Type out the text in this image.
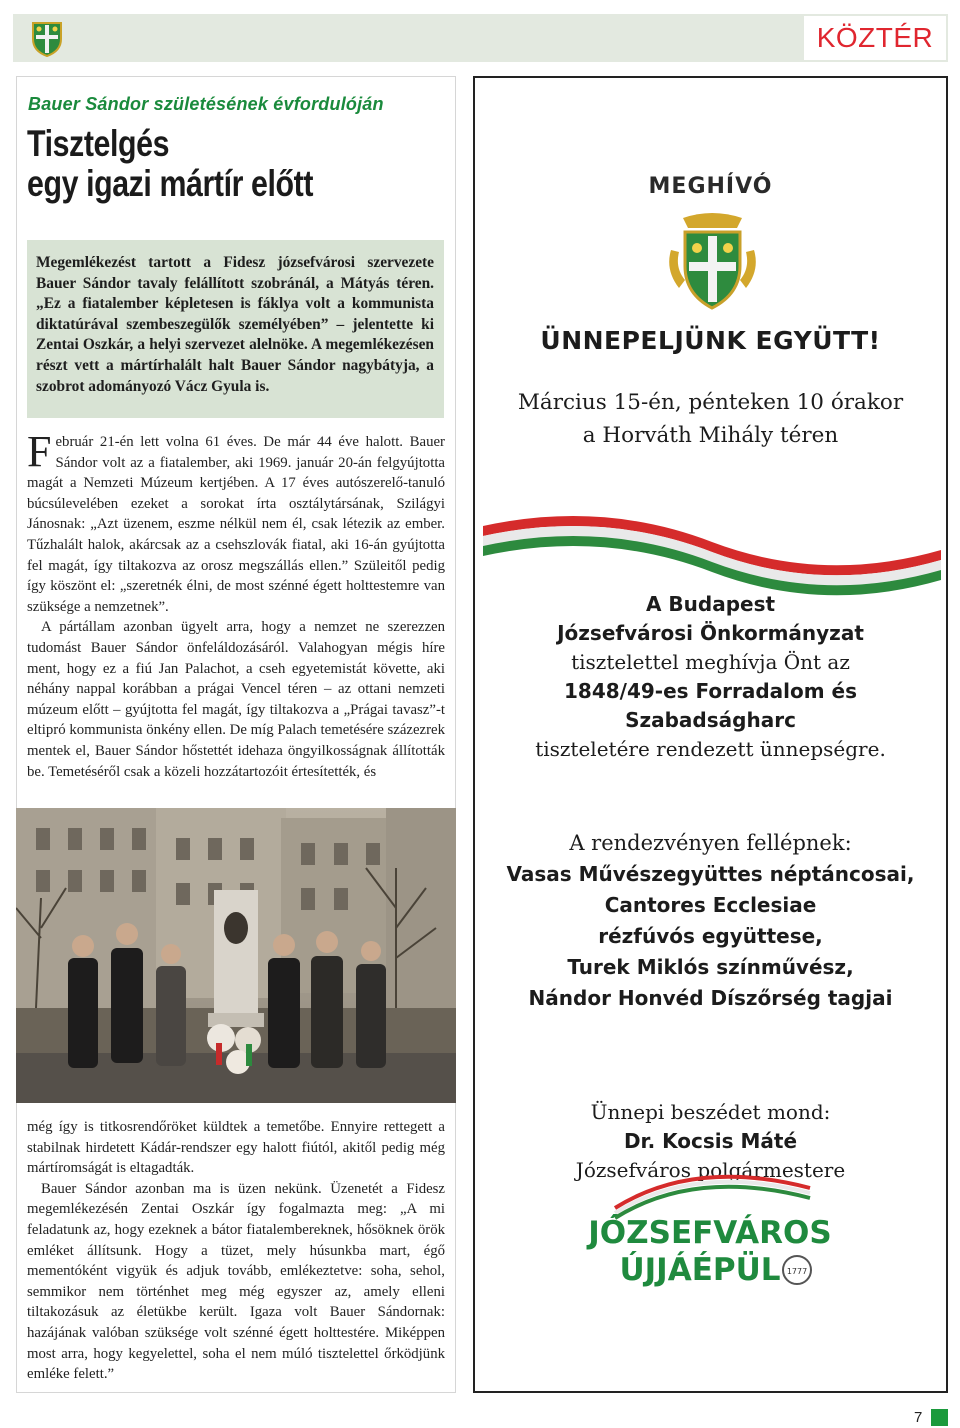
KÖZTÉR
Bauer Sándor születésének évfordulóján
Tisztelgés
egy igazi mártír előtt

Megemlékezést tartott a Fidesz józsefvárosi szervezete Bauer Sándor tavaly felállított szobránál, a Mátyás téren. „Ez a fiatalember képletesen is fáklya volt a kommunista diktatúrával szembeszegülők személyében” – jelentette ki Zentai Oszkár, a helyi szervezet alelnöke. A megemlékezésen részt vett a mártírhalált halt Bauer Sándor nagybátyja, a szobrot adományozó Vácz Gyula is.

Február 21-én lett volna 61 éves. De már 44 éve halott. Bauer Sándor volt az a fiatalember, aki 1969. január 20-án felgyújtotta magát a Nemzeti Múzeum kertjében. A 17 éves autószerelő-tanuló búcsúlevelében ezeket a sorokat írta osztálytársának, Szilágyi Jánosnak: „Azt üzenem, eszme nélkül nem él, csak létezik az ember. Tűzhalált halok, akárcsak az a csehszlovák fiatal, aki 16-án gyújtotta fel magát, így tiltakozva az orosz megszállás ellen.” Szüleitől pedig így köszönt el: „szeretnék élni, de most szénné égett holttestemre van szüksége a nemzetnek”.

A pártállam azonban ügyelt arra, hogy a nemzet ne szerezzen tudomást Bauer Sándor önfeláldozásáról. Valahogyan mégis híre ment, hogy ez a fiú Jan Palachot, a cseh egyetemistát követte, aki néhány nappal korábban a prágai Vencel téren – az ottani nemzeti múzeum előtt – gyújtotta fel magát, így tiltakozva a „Prágai tavasz”-t eltipró kommunista önkény ellen. De míg Palach temetésére százezrek mentek el, Bauer Sándor hőstettét idehaza öngyilkosságnak állították be. Temetéséről csak a közeli hozzátartozóit értesítették, és

még így is titkosrendőröket küldtek a temetőbe. Ennyire rettegett a stabilnak hirdetett Kádár-rendszer egy halott fiútól, akitől pedig még mártíromságát is eltagadták.

Bauer Sándor azonban ma is üzen nekünk. Üzenetét a Fidesz megemlékezésén Zentai Oszkár így fogalmazta meg: „A mi feladatunk az, hogy ezeknek a bátor fiatalembereknek, hősöknek örök emléket állítsunk. Hogy a tüzet, mely húsunkba mart, égő mementóként vigyük és adjuk tovább, emlékeztetve: soha, sehol, semmikor nem történhet meg még egyszer az, amely elleni tiltakozásuk az életükbe került. Igaza volt Bauer Sándornak: hazájának valóban szüksége volt szénné égett holttestére. Miképpen most arra, hogy kegyelettel, soha el nem múló tisztelettel őrködjünk emléke felett.”

MEGHÍVÓ
ÜNNEPELJÜNK EGYÜTT!
Március 15-én, pénteken 10 órakor
a Horváth Mihály téren
A Budapest
Józsefvárosi Önkormányzat
tisztelettel meghívja Önt az
1848/49-es Forradalom és
Szabadságharc
tiszteletére rendezett ünnepségre.
A rendezvényen fellépnek:
Vasas Művészegyüttes néptáncosai,
Cantores Ecclesiae
rézfúvós együttese,
Turek Miklós színművész,
Nándor Honvéd Díszőrség tagjai
Ünnepi beszédet mond:
Dr. Kocsis Máté
Józsefváros polgármestere
JÓZSEFVÁROS
ÚJJÁÉPÜL 1777
7
